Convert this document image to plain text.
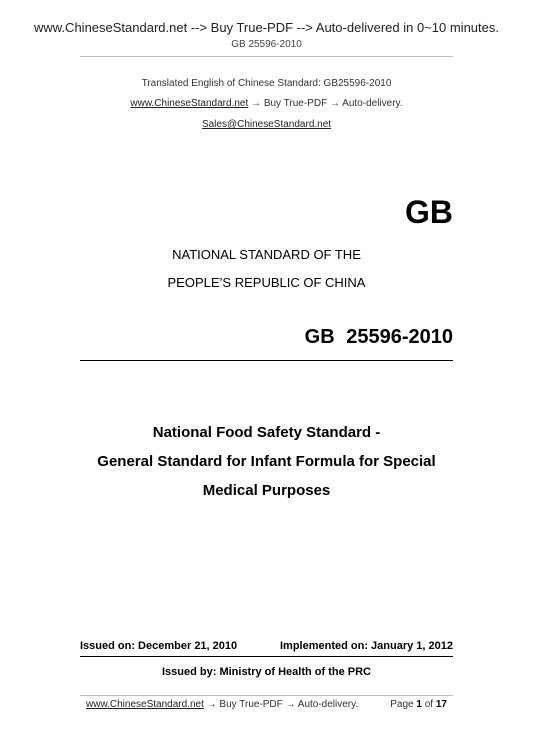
www.ChineseStandard.net --> Buy True-PDF --> Auto-delivered in 0~10 minutes.
GB 25596-2010
Translated English of Chinese Standard: GB25596-2010
www.ChineseStandard.net → Buy True-PDF → Auto-delivery.
Sales@ChineseStandard.net
GB
NATIONAL STANDARD OF THE
PEOPLE’S REPUBLIC OF CHINA
GB 25596-2010
National Food Safety Standard -
General Standard for Infant Formula for Special
Medical Purposes
Issued on: December 21, 2010	Implemented on: January 1, 2012
Issued by: Ministry of Health of the PRC
www.ChineseStandard.net → Buy True-PDF → Auto-delivery.	Page 1 of 17
